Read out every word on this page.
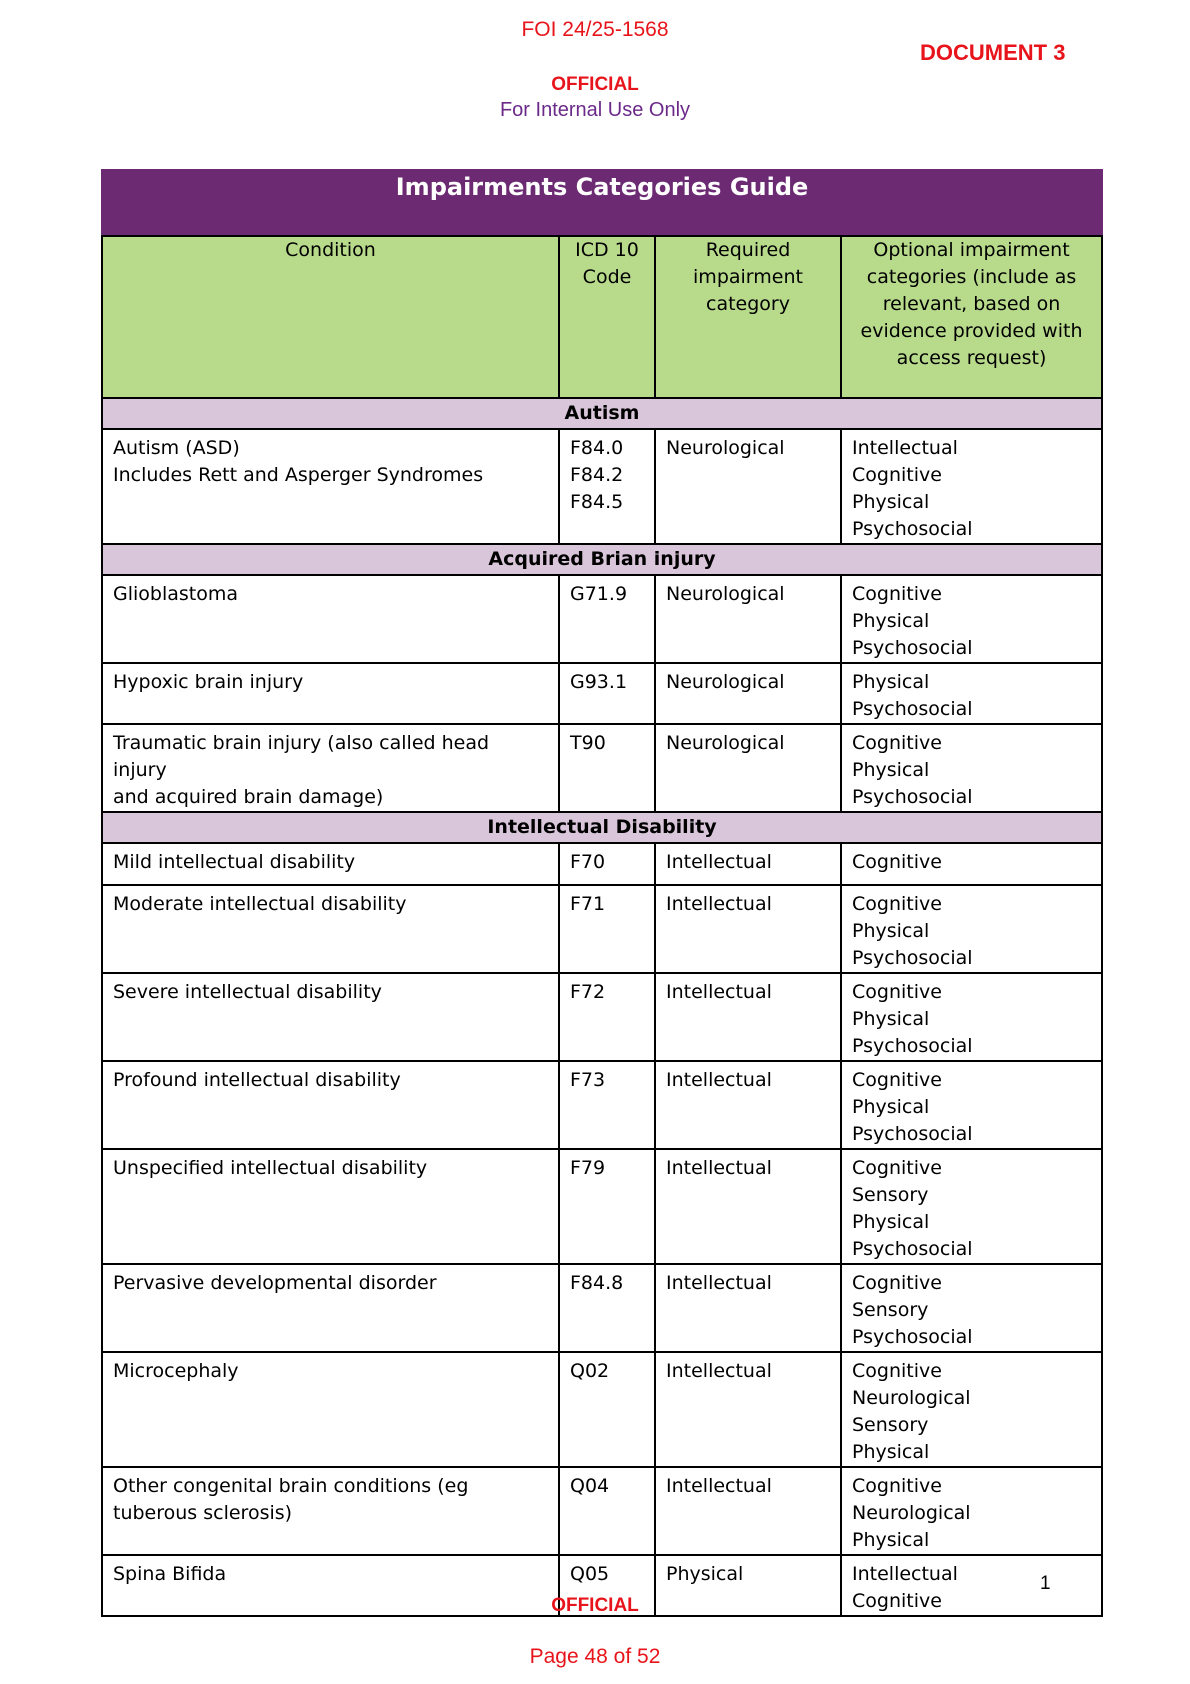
FOI 24/25-1568
DOCUMENT 3
OFFICIAL
For Internal Use Only
Impairments Categories Guide			
Condition	ICD 10 Code	Required impairment category	Optional impairment categories (include as relevant, based on evidence provided with access request)
Autism			

Autism (ASD)
Includes Rett and Asperger Syndromes	F84.0
F84.2
F84.5	Neurological	Intellectual
Cognitive
Physical
Psychosocial

Acquired Brian injury			

Glioblastoma	G71.9	Neurological	Cognitive
Physical
Psychosocial

Hypoxic brain injury	G93.1	Neurological	Physical
Psychosocial

Traumatic brain injury (also called head injury
and acquired brain damage)	T90	Neurological	Cognitive
Physical
Psychosocial

Intellectual Disability			

Mild intellectual disability	F70	Intellectual	Cognitive

Moderate intellectual disability	F71	Intellectual	Cognitive
Physical
Psychosocial

Severe intellectual disability	F72	Intellectual	Cognitive
Physical
Psychosocial

Profound intellectual disability	F73	Intellectual	Cognitive
Physical
Psychosocial

Unspecified intellectual disability	F79	Intellectual	Cognitive
Sensory
Physical
Psychosocial

Pervasive developmental disorder	F84.8	Intellectual	Cognitive
Sensory
Psychosocial

Microcephaly	Q02	Intellectual	Cognitive
Neurological
Sensory
Physical

Other congenital brain conditions (eg
tuberous sclerosis)	Q04	Intellectual	Cognitive
Neurological
Physical

Spina Bifida	Q05	Physical	Intellectual
Cognitive
1
OFFICIAL
Page 48 of 52
